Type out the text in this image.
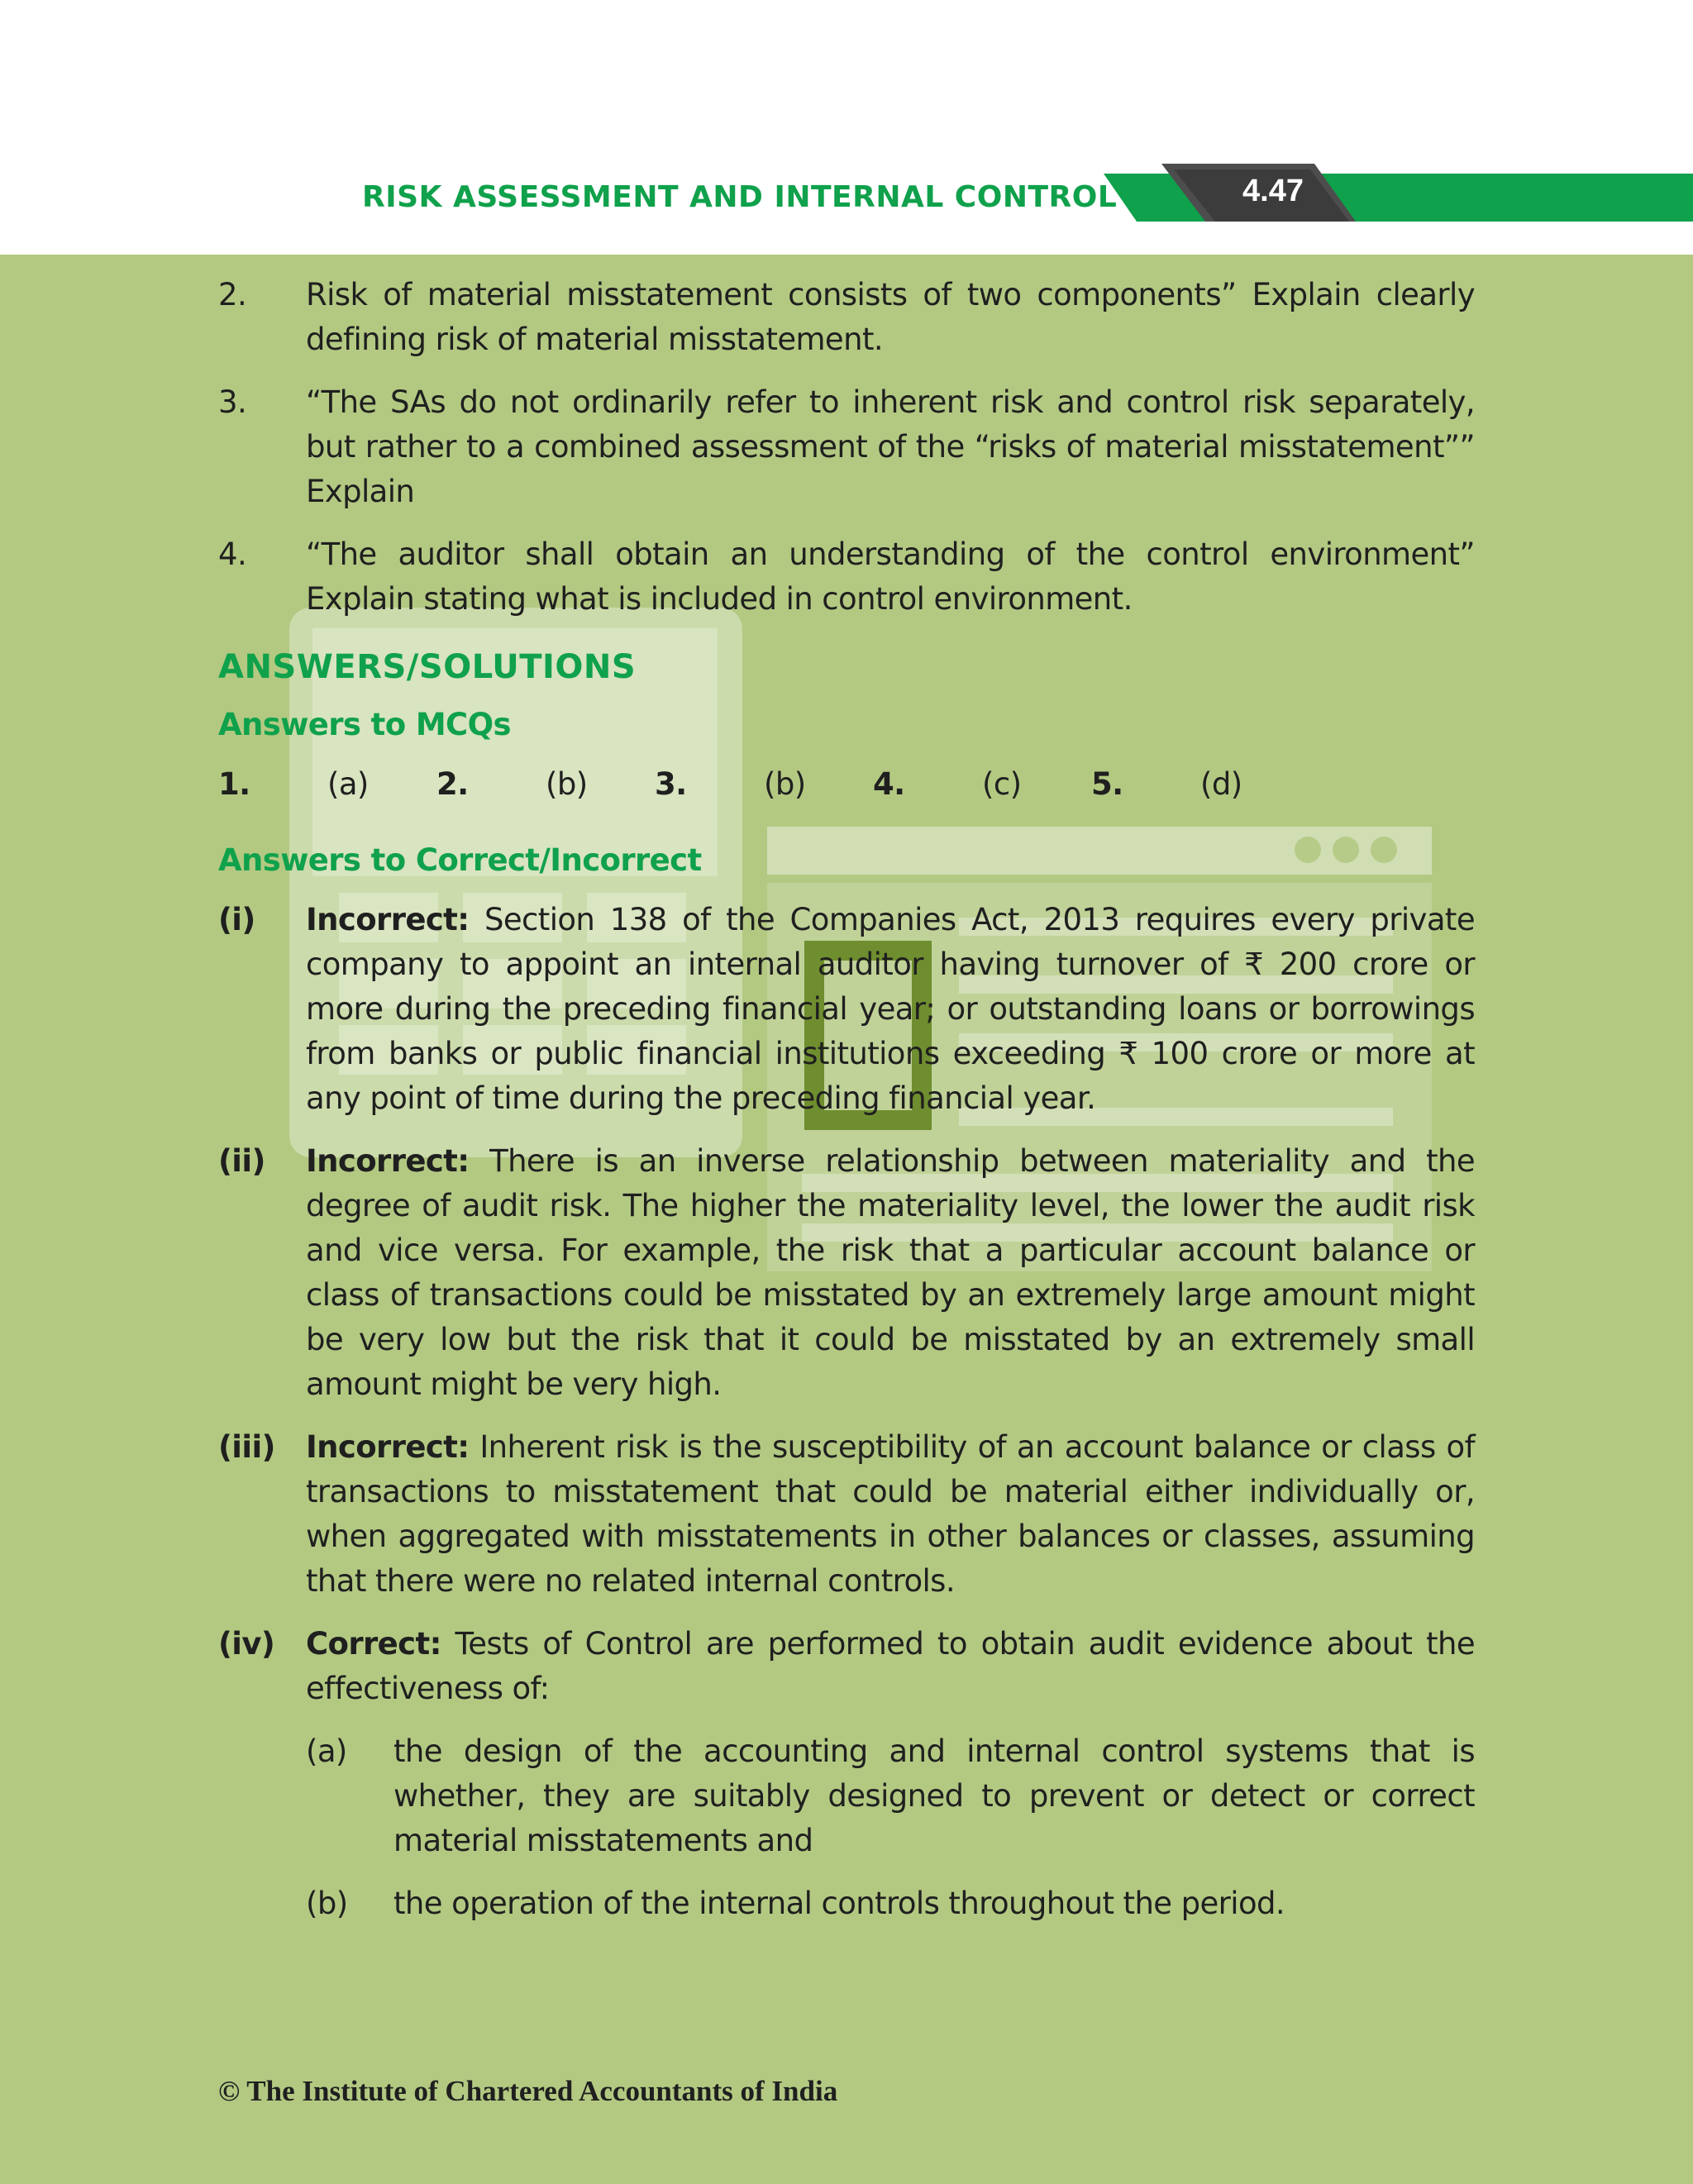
RISK ASSESSMENT AND INTERNAL CONTROL	4.47
2.	Risk of material misstatement consists of two components” Explain clearly defining risk of material misstatement.
3.	“The SAs do not ordinarily refer to inherent risk and control risk separately, but rather to a combined assessment of the “risks of material misstatement”” Explain
4.	“The auditor shall obtain an understanding of the control environment” Explain stating what is included in control environment.
ANSWERS/SOLUTIONS
Answers to MCQs
1.	(a)	2.	(b)	3.	(b)	4.	(c)	5.	(d)
Answers to Correct/Incorrect
(i)	Incorrect: Section 138 of the Companies Act, 2013 requires every private company to appoint an internal auditor having turnover of ₹ 200 crore or more during the preceding financial year; or outstanding loans or borrowings from banks or public financial institutions exceeding ₹ 100 crore or more at any point of time during the preceding financial year.
(ii)	Incorrect: There is an inverse relationship between materiality and the degree of audit risk. The higher the materiality level, the lower the audit risk and vice versa. For example, the risk that a particular account balance or class of transactions could be misstated by an extremely large amount might be very low but the risk that it could be misstated by an extremely small amount might be very high.
(iii)	Incorrect: Inherent risk is the susceptibility of an account balance or class of transactions to misstatement that could be material either individually or, when aggregated with misstatements in other balances or classes, assuming that there were no related internal controls.
(iv)	Correct: Tests of Control are performed to obtain audit evidence about the effectiveness of:
(a)	the design of the accounting and internal control systems that is whether, they are suitably designed to prevent or detect or correct material misstatements and
(b)	the operation of the internal controls throughout the period.
© The Institute of Chartered Accountants of India
